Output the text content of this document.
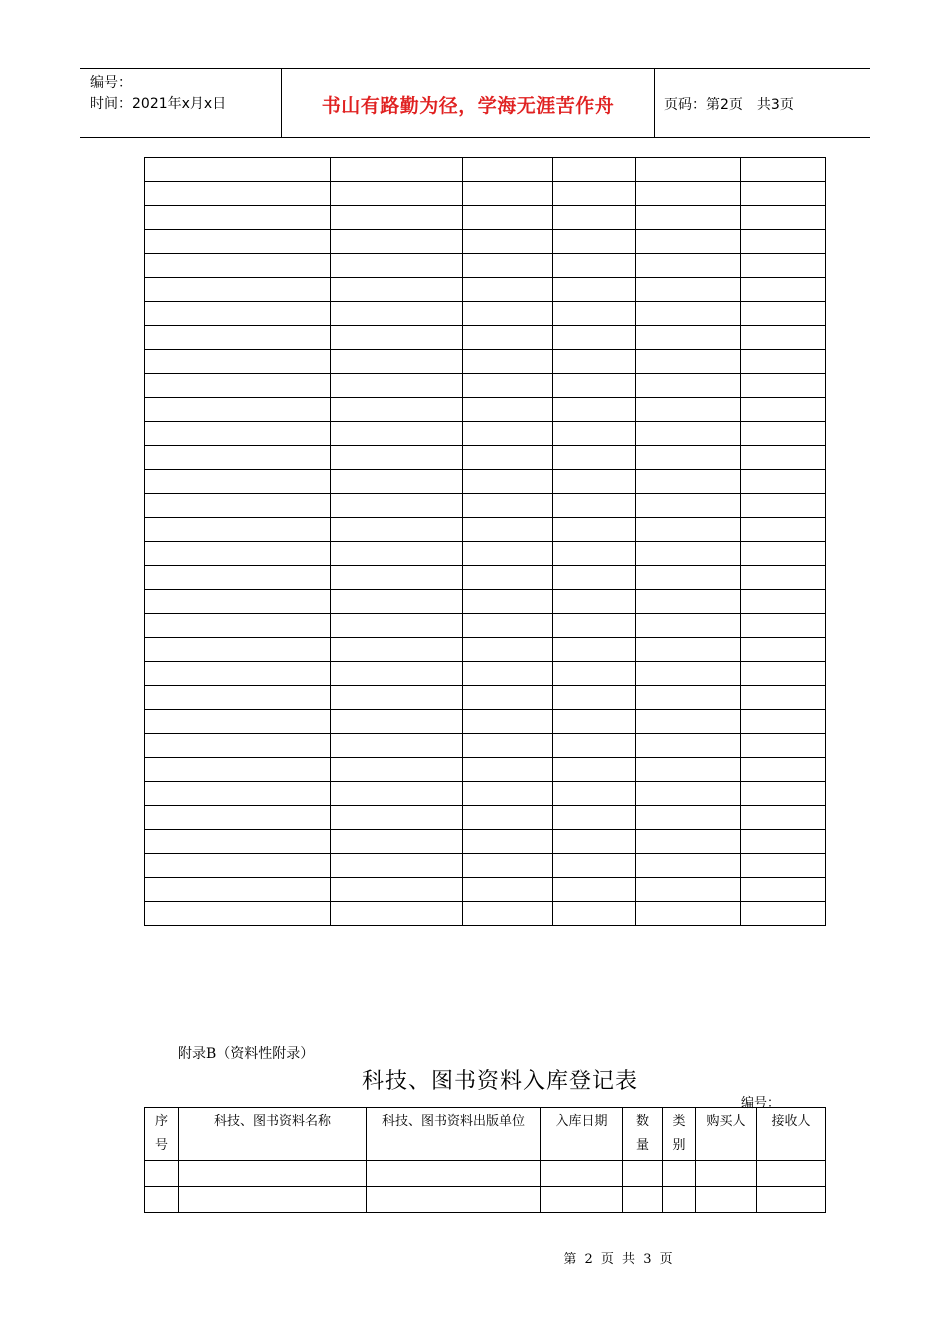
编号：
时间：2021年x月x日	书山有路勤为径，学海无涯苦作舟	页码：第2页 共3页

附录B（资料性附录）
科技、图书资料入库登记表
编号：
序号	科技、图书资料名称	科技、图书资料出版单位	入库日期	数量	类别	购买人	接收人

第 2 页 共 3 页
